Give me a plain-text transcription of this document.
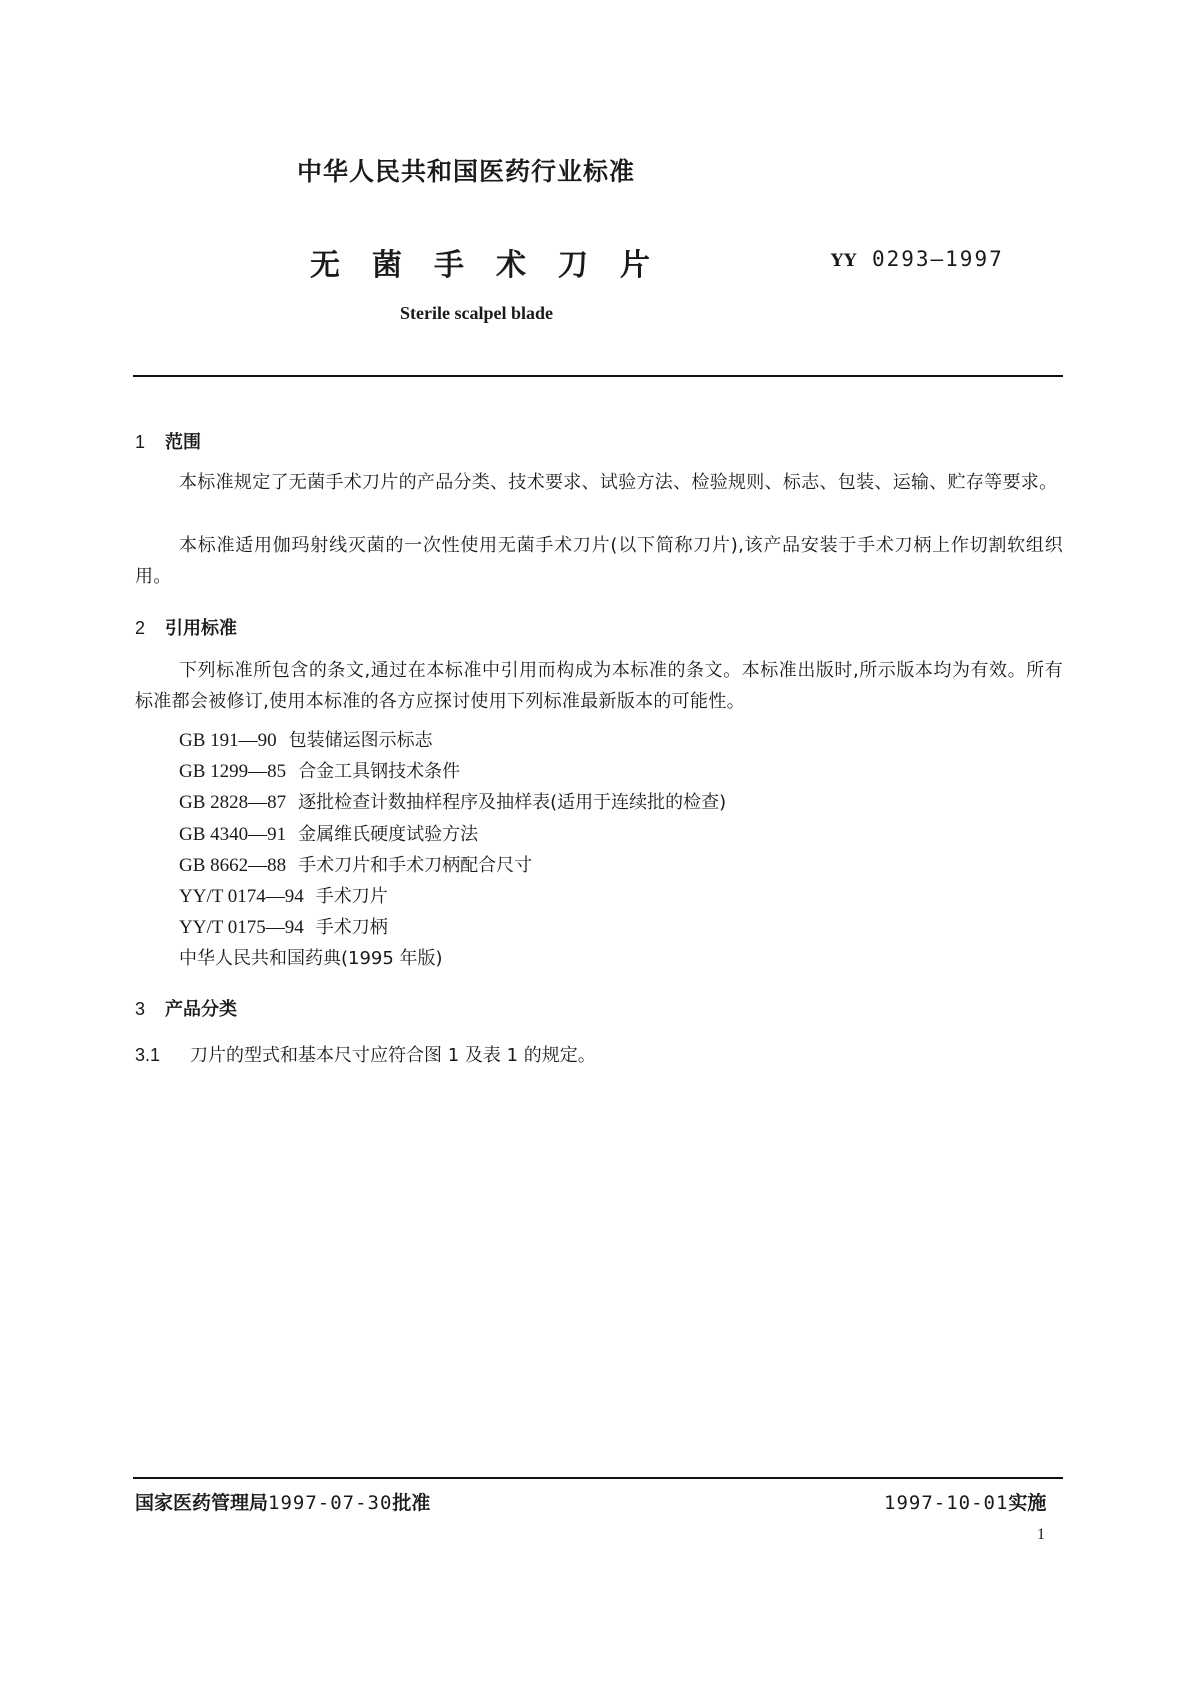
中华人民共和国医药行业标准
无菌手术刀片	YY 0293—1997
Sterile scalpel blade
1 范围
本标准规定了无菌手术刀片的产品分类、技术要求、试验方法、检验规则、标志、包装、运输、贮存等要求。
本标准适用伽玛射线灭菌的一次性使用无菌手术刀片(以下简称刀片),该产品安装于手术刀柄上作切割软组织用。
2 引用标准
下列标准所包含的条文,通过在本标准中引用而构成为本标准的条文。本标准出版时,所示版本均为有效。所有标准都会被修订,使用本标准的各方应探讨使用下列标准最新版本的可能性。
GB 191—90 包装储运图示标志
GB 1299—85 合金工具钢技术条件
GB 2828—87 逐批检查计数抽样程序及抽样表(适用于连续批的检查)
GB 4340—91 金属维氏硬度试验方法
GB 8662—88 手术刀片和手术刀柄配合尺寸
YY/T 0174—94 手术刀片
YY/T 0175—94 手术刀柄
中华人民共和国药典(1995 年版)
3 产品分类
3.1 刀片的型式和基本尺寸应符合图 1 及表 1 的规定。
国家医药管理局1997-07-30批准	1997-10-01实施
1
